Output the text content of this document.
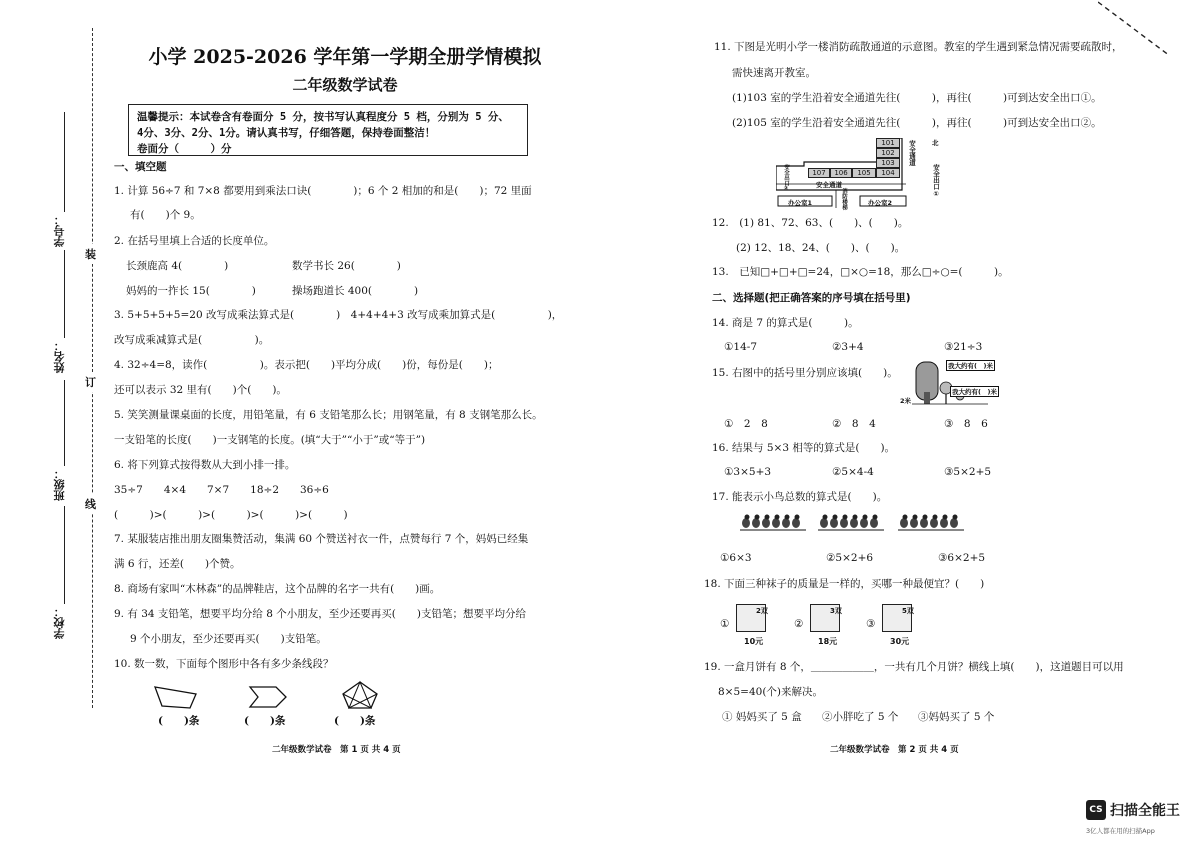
装
订
线
学号：
姓名：
班级：
学校：
小学 2025-2026 学年第一学期全册学情模拟
二年级数学试卷
温馨提示：本试卷含有卷面分 5 分，按书写认真程度分 5 档，分别为 5 分、
4分、3分、2分、1分。请认真书写，仔细答题，保持卷面整洁！
卷面分（　　　）分
一、填空题
1. 计算 56÷7 和 7×8 都要用到乘法口诀(　　　　)；6 个 2 相加的和是(　　)；72 里面
有(　　)个 9。
2. 在括号里填上合适的长度单位。
长颈鹿高 4(　　　　)	数学书长 26(　　　　)
妈妈的一拃长 15(　　　　)	操场跑道长 400(　　　　)
3. 5+5+5+5=20 改写成乘法算式是(　　　　)　4+4+4+3 改写成乘加算式是(　　　　　)，
改写成乘减算式是(　　　　　)。
4. 32÷4=8，读作(　　　　　)。表示把(　　)平均分成(　　)份，每份是(　　)；
还可以表示 32 里有(　　)个(　　)。
5. 笑笑测量课桌面的长度，用铅笔量，有 6 支铅笔那么长；用钢笔量，有 8 支钢笔那么长。
一支铅笔的长度(　　)一支钢笔的长度。(填“大于”“小于”或“等于”)
6. 将下列算式按得数从大到小排一排。
35÷7　　4×4　　7×7　　18÷2　　36÷6
(　　　)>(　　　)>(　　　)>(　　　)>(　　　)
7. 某服装店推出朋友圈集赞活动，集满 60 个赞送衬衣一件，点赞每行 7 个，妈妈已经集
满 6 行，还差(　　)个赞。
8. 商场有家叫“木林森”的品牌鞋店，这个品牌的名字一共有(　　)画。
9. 有 34 支铅笔，想要平均分给 8 个小朋友，至少还要再买(　　)支铅笔；想要平均分给
9 个小朋友，至少还要再买(　　)支铅笔。
10. 数一数，下面每个图形中各有多少条线段？
(　　)条	(　　)条	(　　)条
二年级数学试卷　第 1 页 共 4 页
11. 下图是光明小学一楼消防疏散通道的示意图。教室的学生遇到紧急情况需要疏散时，
需快速离开教室。
(1)103 室的学生沿着安全通道先往(　　　)，再往(　　　)可到达安全出口①。
(2)105 室的学生沿着安全通道先往(　　　)，再往(　　　)可到达安全出口②。
101
102
103
104
107	106	105
安全通道
安全通道
安全出口①
安全出口②
办公室1	办公室2
消防楼梯
北
12.　(1) 81、72、63、(　　)、(　　)。
(2) 12、18、24、(　　)、(　　)。
13.　已知□+□+□=24，□×○=18，那么□÷○=(　　　)。
二、选择题(把正确答案的序号填在括号里)
14. 商是 7 的算式是(　　　)。
①14-7	②3+4	③21÷3
15. 右图中的括号里分别应该填(　　)。
我大约有(　)米
我大约有(　)米
2米
①　2　8	②　8　4	③　8　6
16. 结果与 5×3 相等的算式是(　　)。
①3×5+3	②5×4-4	③5×2+5
17. 能表示小鸟总数的算式是(　　)。
①6×3	②5×2+6	③6×2+5
18. 下面三种袜子的质量是一样的，买哪一种最便宜？(　　)
①
2双
10元
②
3双
18元
③
5双
30元
19. 一盒月饼有 8 个，＿＿＿＿＿＿，一共有几个月饼？横线上填(　　)，这道题目可以用
8×5=40(个)来解决。
① 妈妈买了 5 盒 ②小胖吃了 5 个 ③妈妈买了 5 个
二年级数学试卷　第 2 页 共 4 页
CS 扫描全能王
3亿人都在用的扫描App
